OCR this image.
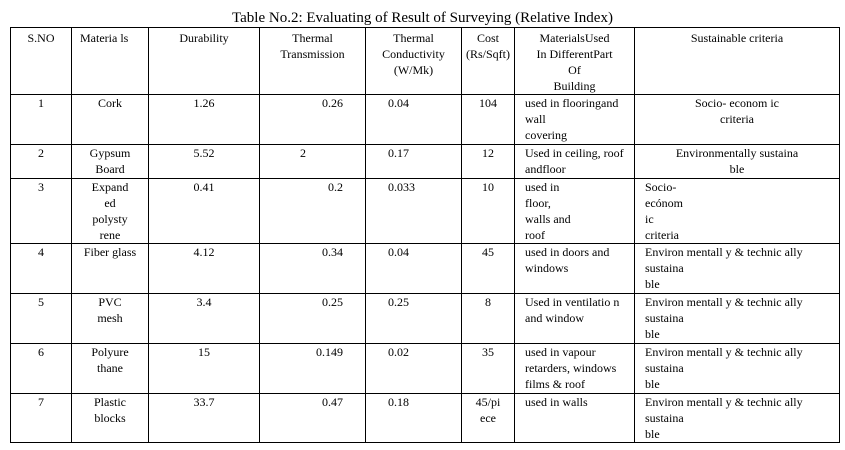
Table No.2: Evaluating of Result of Surveying (Relative Index)
S.NO	Materia ls	Durability	Thermal
Transmission	Thermal
Conductivity
(W/Mk)	Cost
(Rs/Sqft)	MaterialsUsed
In DifferentPart
Of
Building	Sustainable criteria
1	Cork	1.26	0.26	0.04	104	used in flooringand
wall
covering	Socio- econom ic
criteria
2	Gypsum
Board	5.52	2	0.17	12	Used in ceiling, roof
andfloor	Environmentally sustaina
ble
3	Expand
ed
polysty
rene	0.41	0.2	0.033	10	used in
floor,
walls and
roof	Socio-
ecónom
ic
criteria
4	Fiber glass	4.12	0.34	0.04	45	used in doors and
windows	Environ mentall y & technic ally
sustaina
ble
5	PVC
mesh	3.4	0.25	0.25	8	Used in ventilatio n
and window	Environ mentall y & technic ally
sustaina
ble
6	Polyure
thane	15	0.149	0.02	35	used in vapour
retarders, windows
films & roof	Environ mentall y & technic ally
sustaina
ble
7	Plastic
blocks	33.7	0.47	0.18	45/pi
ece	used in walls	Environ mentall y & technic ally
sustaina
ble
